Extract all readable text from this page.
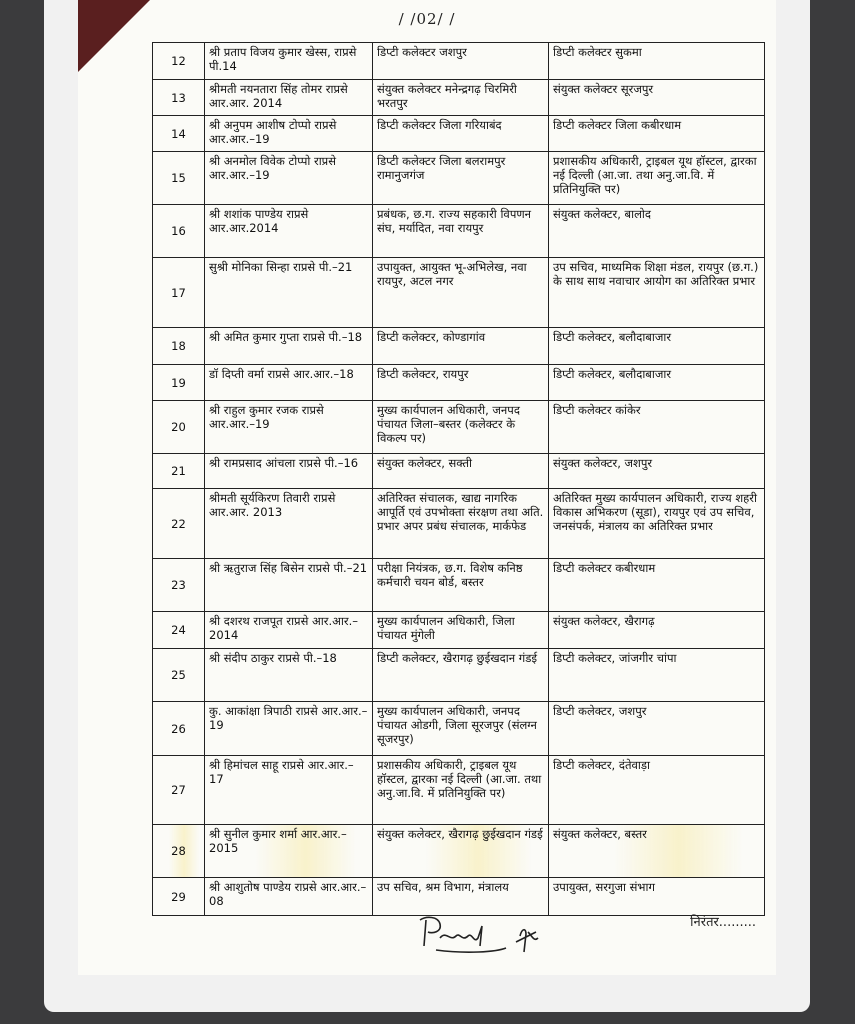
/ /02/ /
12	श्री प्रताप विजय कुमार खेस्स, राप्रसे पी.14	डिप्टी कलेक्टर जशपुर	डिप्टी कलेक्टर सुकमा
13	श्रीमती नयनतारा सिंह तोमर राप्रसे आर.आर. 2014	संयुक्त कलेक्टर मनेन्द्रगढ़ चिरमिरी भरतपुर	संयुक्त कलेक्टर सूरजपुर
14	श्री अनुपम आशीष टोप्पो राप्रसे आर.आर.–19	डिप्टी कलेक्टर जिला गरियाबंद	डिप्टी कलेक्टर जिला कबीरधाम
15	श्री अनमोल विवेक टोप्पो राप्रसे आर.आर.–19	डिप्टी कलेक्टर जिला बलरामपुर रामानुजगंज	प्रशासकीय अधिकारी, ट्राइबल यूथ हॉस्टल, द्वारका नई दिल्ली (आ.जा. तथा अनु.जा.वि. में प्रतिनियुक्ति पर)
16	श्री शशांक पाण्डेय राप्रसे आर.आर.2014	प्रबंधक, छ.ग. राज्य सहकारी विपणन संघ, मर्यादित, नवा रायपुर	संयुक्त कलेक्टर, बालोद
17	सुश्री मोनिका सिन्हा राप्रसे पी.–21	उपायुक्त, आयुक्त भू-अभिलेख, नवा रायपुर, अटल नगर	उप सचिव, माध्यमिक शिक्षा मंडल, रायपुर (छ.ग.) के साथ साथ नवाचार आयोग का अतिरिक्त प्रभार
18	श्री अमित कुमार गुप्ता राप्रसे पी.–18	डिप्टी कलेक्टर, कोण्डागांव	डिप्टी कलेक्टर, बलौदाबाजार
19	डॉ दिप्ती वर्मा राप्रसे आर.आर.–18	डिप्टी कलेक्टर, रायपुर	डिप्टी कलेक्टर, बलौदाबाजार
20	श्री राहुल कुमार रजक राप्रसे आर.आर.–19	मुख्य कार्यपालन अधिकारी, जनपद पंचायत जिला–बस्तर (कलेक्टर के विकल्प पर)	डिप्टी कलेक्टर कांकेर
21	श्री रामप्रसाद आंचला राप्रसे पी.–16	संयुक्त कलेक्टर, सक्ती	संयुक्त कलेक्टर, जशपुर
22	श्रीमती सूर्यकिरण तिवारी राप्रसे आर.आर. 2013	अतिरिक्त संचालक, खाद्य नागरिक आपूर्ति एवं उपभोक्ता संरक्षण तथा अति. प्रभार अपर प्रबंध संचालक, मार्कफेड	अतिरिक्त मुख्य कार्यपालन अधिकारी, राज्य शहरी विकास अभिकरण (सूडा), रायपुर एवं उप सचिव, जनसंपर्क, मंत्रालय का अतिरिक्त प्रभार
23	श्री ऋतुराज सिंह बिसेन राप्रसे पी.–21	परीक्षा नियंत्रक, छ.ग. विशेष कनिष्ठ कर्मचारी चयन बोर्ड, बस्तर	डिप्टी कलेक्टर कबीरधाम
24	श्री दशरथ राजपूत राप्रसे आर.आर.–2014	मुख्य कार्यपालन अधिकारी, जिला पंचायत मुंगेली	संयुक्त कलेक्टर, खैरागढ़
25	श्री संदीप ठाकुर राप्रसे पी.–18	डिप्टी कलेक्टर, खैरागढ़ छुईखदान गंडई	डिप्टी कलेक्टर, जांजगीर चांपा
26	कु. आकांक्षा त्रिपाठी राप्रसे आर.आर.–19	मुख्य कार्यपालन अधिकारी, जनपद पंचायत ओडगी, जिला सूरजपुर (संलग्न सूजरपुर)	डिप्टी कलेक्टर, जशपुर
27	श्री हिमांचल साहू राप्रसे आर.आर.–17	प्रशासकीय अधिकारी, ट्राइबल यूथ हॉस्टल, द्वारका नई दिल्ली (आ.जा. तथा अनु.जा.वि. में प्रतिनियुक्ति पर)	डिप्टी कलेक्टर, दंतेवाड़ा
28	श्री सुनील कुमार शर्मा आर.आर.–2015	संयुक्त कलेक्टर, खैरागढ़ छुईखदान गंडई	संयुक्त कलेक्टर, बस्तर
29	श्री आशुतोष पाण्डेय राप्रसे आर.आर.–08	उप सचिव, श्रम विभाग, मंत्रालय	उपायुक्त, सरगुजा संभाग
निरंतर.........
